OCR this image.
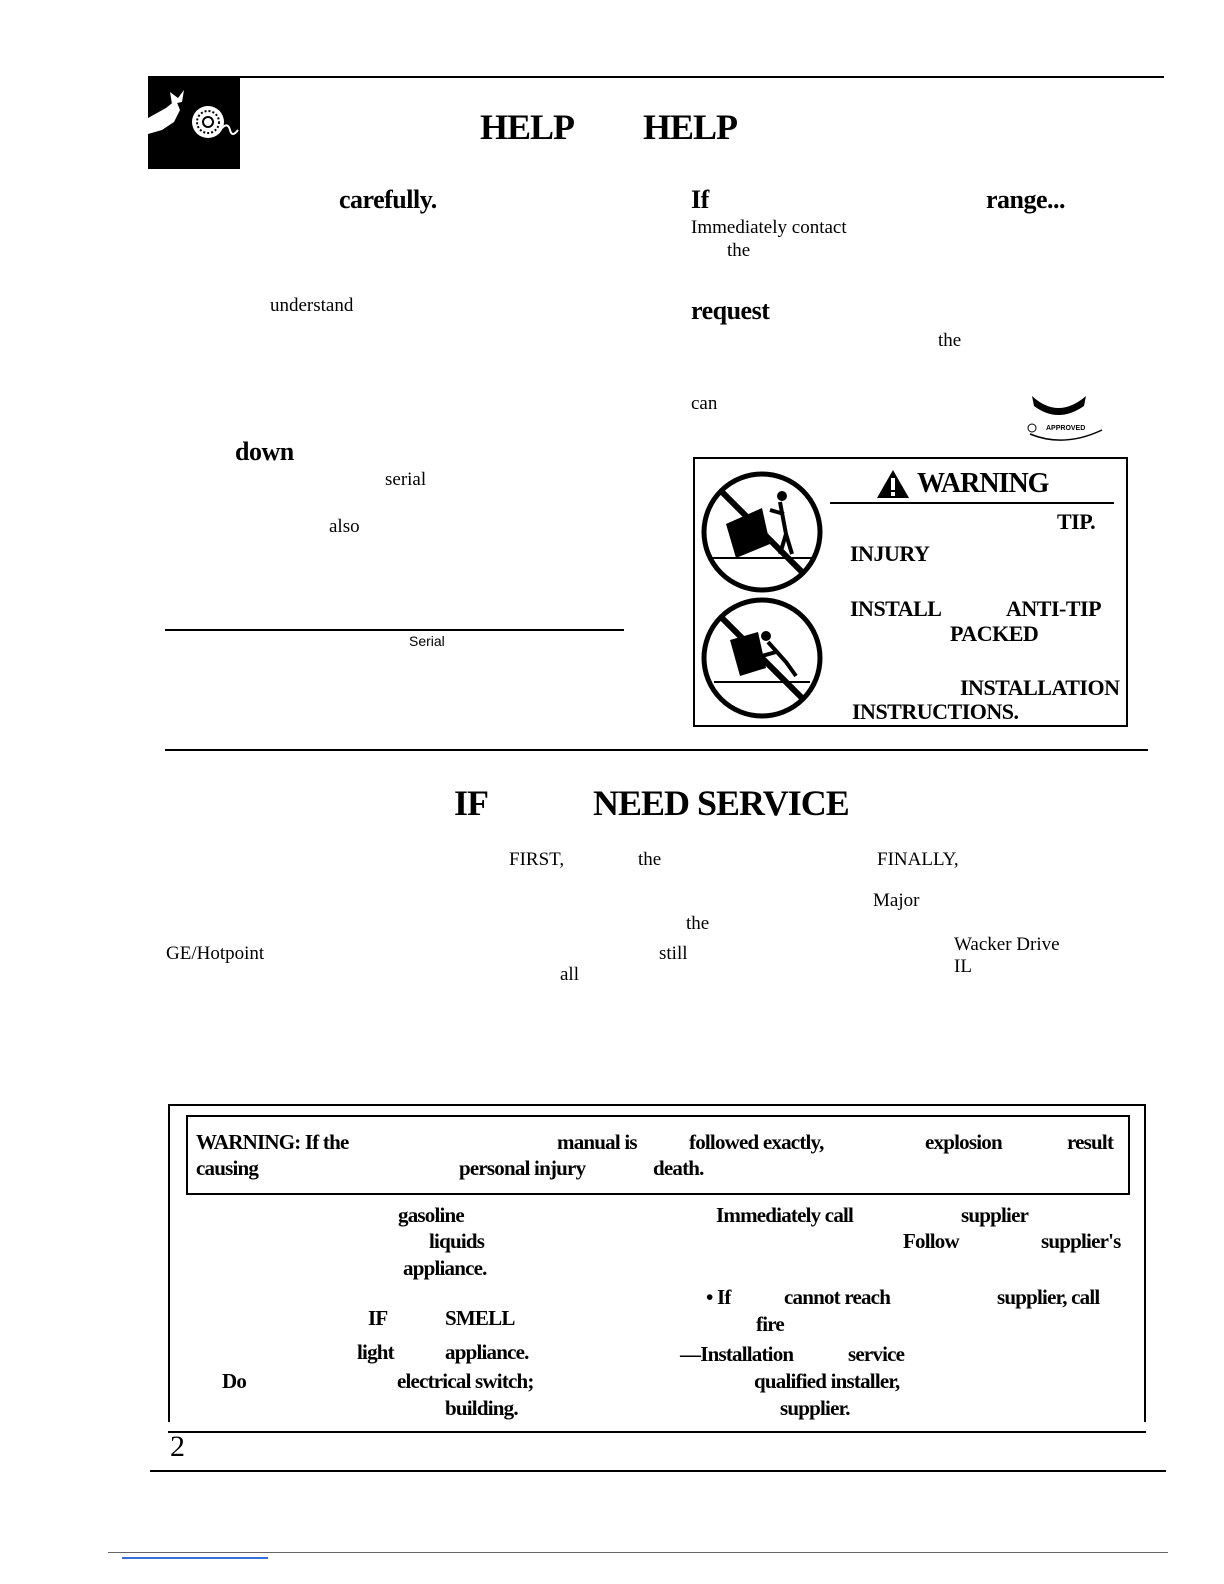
HELP HELP
carefully.
understand
down
serial
also
Serial
If	range...
Immediately contact
the
request
the
can
APPROVED
WARNING
TIP.
INJURY
INSTALL	ANTI-TIP
PACKED
INSTALLATION
INSTRUCTIONS.
IF	NEED SERVICE
FIRST,	the	FINALLY,
Major
the
GE/Hotpoint	still	Wacker Drive
IL
all
WARNING: If the	manual is followed exactly,	explosion	result
causing	personal injury	death.
gasoline
liquids
appliance.
IF	SMELL
light appliance.
Do	electrical switch;
building.
Immediately call	supplier
Follow	supplier's
• If	cannot reach	supplier, call
fire
—Installation	service
qualified installer,
supplier.
2
